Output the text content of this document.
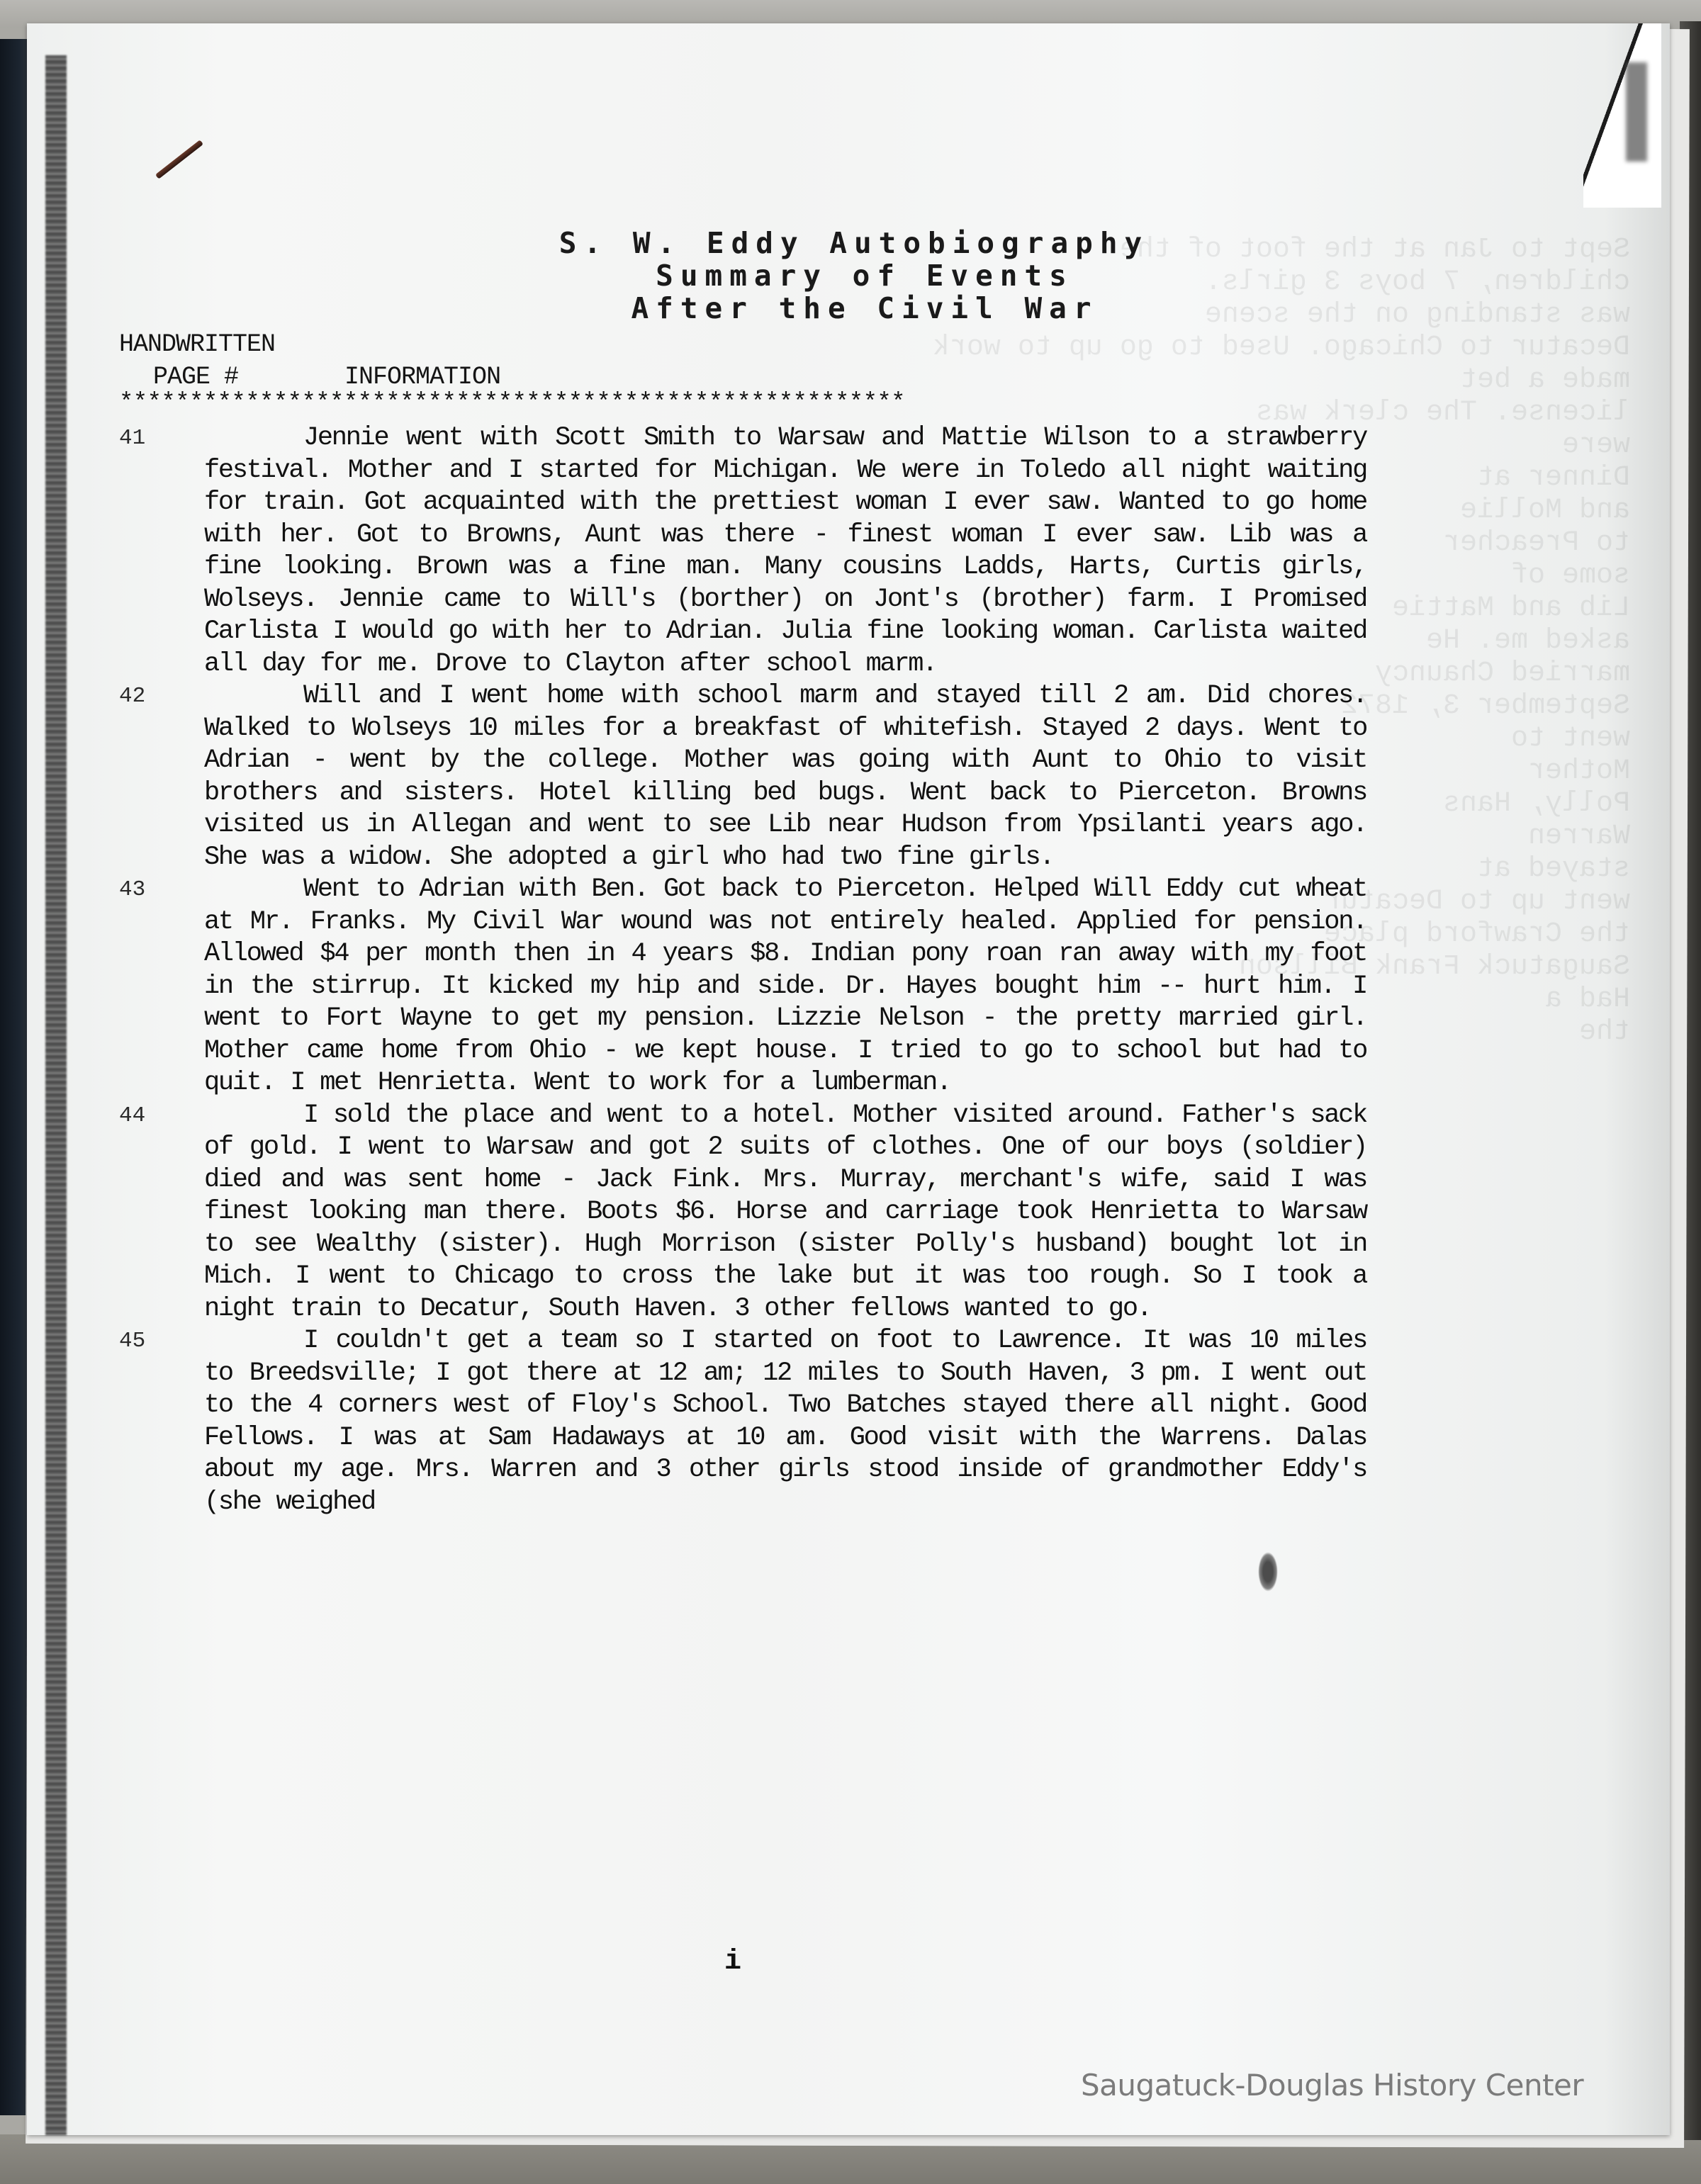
S. W. Eddy Autobiography
Summary of Events
After the Civil War
HANDWRITTEN
PAGE #	INFORMATION
********************************************************
41	Jennie went with Scott Smith to Warsaw and Mattie Wilson to a strawberry festival. Mother and I started for Michigan. We were in Toledo all night waiting for train. Got acquainted with the prettiest woman I ever saw. Wanted to go home with her. Got to Browns, Aunt was there - finest woman I ever saw. Lib was a fine looking. Brown was a fine man. Many cousins Ladds, Harts, Curtis girls, Wolseys. Jennie came to Will's (borther) on Jont's (brother) farm. I Promised Carlista I would go with her to Adrian. Julia fine looking woman. Carlista waited all day for me. Drove to Clayton after school marm.
42	Will and I went home with school marm and stayed till 2 am. Did chores. Walked to Wolseys 10 miles for a breakfast of whitefish. Stayed 2 days. Went to Adrian - went by the college. Mother was going with Aunt to Ohio to visit brothers and sisters. Hotel killing bed bugs. Went back to Pierceton. Browns visited us in Allegan and went to see Lib near Hudson from Ypsilanti years ago. She was a widow. She adopted a girl who had two fine girls.
43	Went to Adrian with Ben. Got back to Pierceton. Helped Will Eddy cut wheat at Mr. Franks. My Civil War wound was not entirely healed. Applied for pension. Allowed $4 per month then in 4 years $8. Indian pony roan ran away with my foot in the stirrup. It kicked my hip and side. Dr. Hayes bought him -- hurt him. I went to Fort Wayne to get my pension. Lizzie Nelson - the pretty married girl. Mother came home from Ohio - we kept house. I tried to go to school but had to quit. I met Henrietta. Went to work for a lumberman.
44	I sold the place and went to a hotel. Mother visited around. Father's sack of gold. I went to Warsaw and got 2 suits of clothes. One of our boys (soldier) died and was sent home - Jack Fink. Mrs. Murray, merchant's wife, said I was finest looking man there. Boots $6. Horse and carriage took Henrietta to Warsaw to see Wealthy (sister). Hugh Morrison (sister Polly's husband) bought lot in Mich. I went to Chicago to cross the lake but it was too rough. So I took a night train to Decatur, South Haven. 3 other fellows wanted to go.
45	I couldn't get a team so I started on foot to Lawrence. It was 10 miles to Breedsville; I got there at 12 am; 12 miles to South Haven, 3 pm. I went out to the 4 corners west of Floy's School. Two Batches stayed there all night. Good Fellows. I was at Sam Hadaways at 10 am. Good visit with the Warrens. Dalas about my age. Mrs. Warren and 3 other girls stood inside of grandmother Eddy's (she weighed
i
Saugatuck-Douglas History Center
